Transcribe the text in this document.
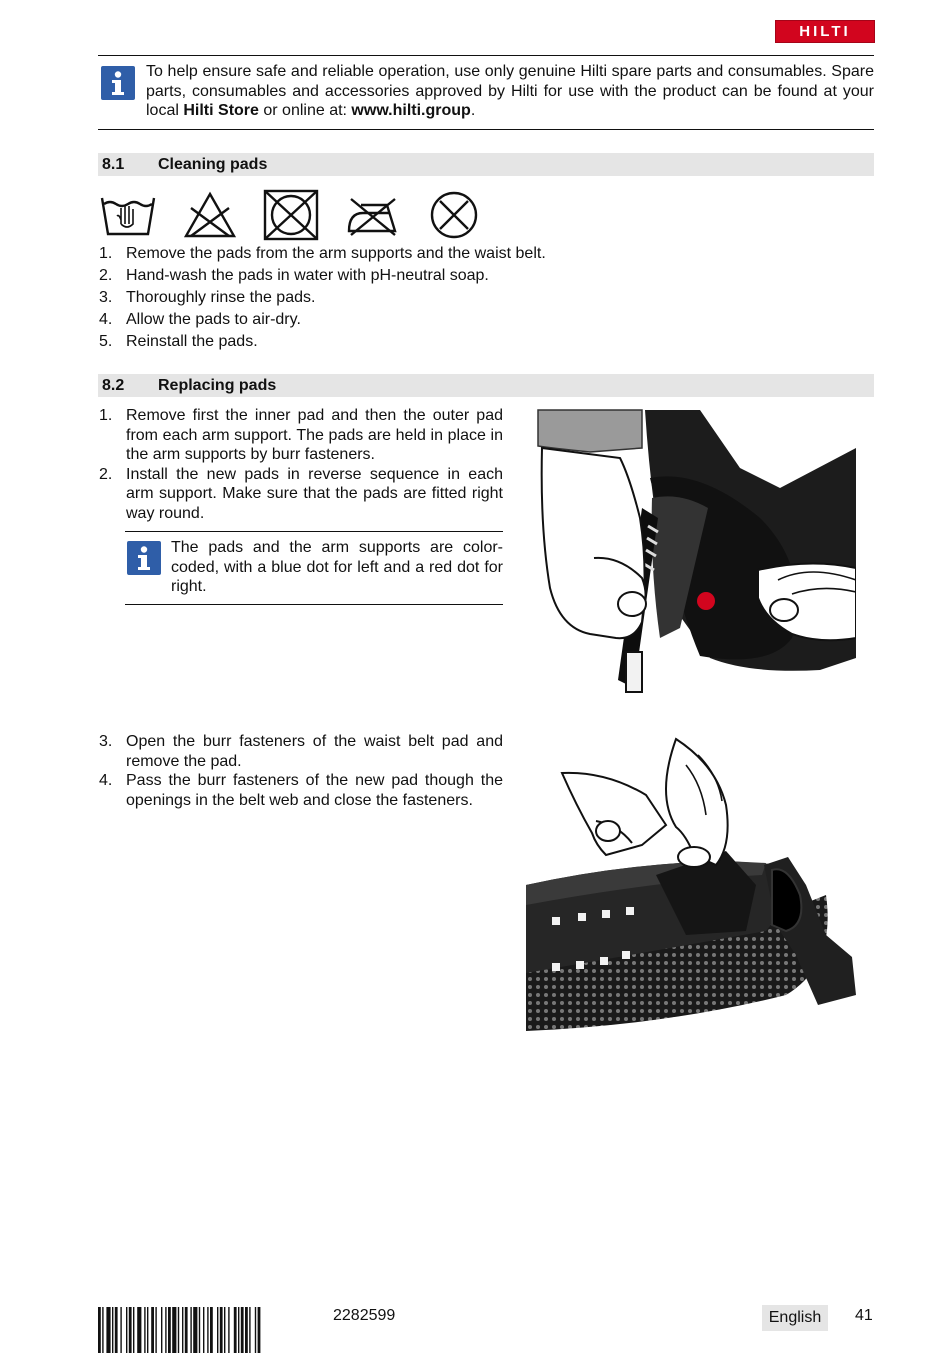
HILTI
To help ensure safe and reliable operation, use only genuine Hilti spare parts and consumables. Spare parts, consumables and accessories approved by Hilti for use with the product can be found at your local Hilti Store or online at: www.hilti.group.
8.1 Cleaning pads
1. Remove the pads from the arm supports and the waist belt.
2. Hand-wash the pads in water with pH-neutral soap.
3. Thoroughly rinse the pads.
4. Allow the pads to air-dry.
5. Reinstall the pads.
8.2 Replacing pads
1. Remove first the inner pad and then the outer pad from each arm support. The pads are held in place in the arm supports by burr fasteners.
2. Install the new pads in reverse sequence in each arm support. Make sure that the pads are fitted right way round.
The pads and the arm supports are color-coded, with a blue dot for left and a red dot for right.
3. Open the burr fasteners of the waist belt pad and remove the pad.
4. Pass the burr fasteners of the new pad though the openings in the belt web and close the fasteners.
2282599	English	41
